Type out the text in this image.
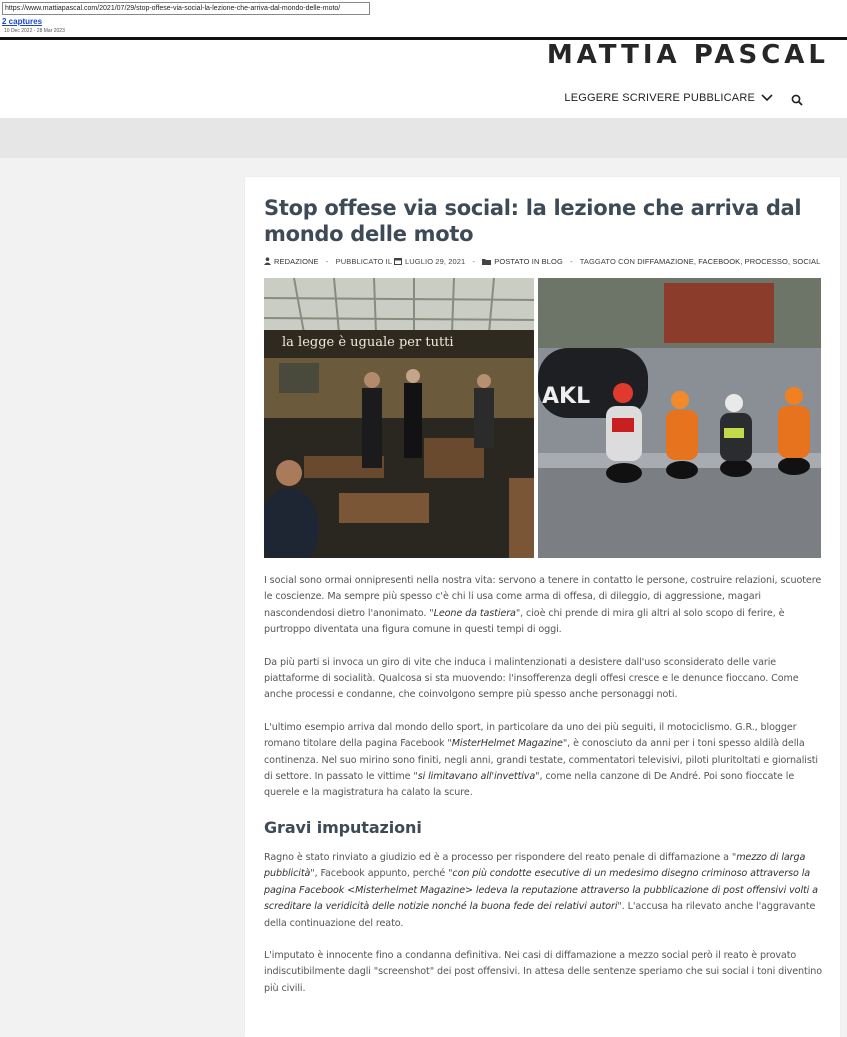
https://www.mattiapascal.com/2021/07/29/stop-offese-via-social-la-lezione-che-arriva-dal-mondo-delle-moto/
2 captures
10 Dec 2022 - 28 Mar 2023
MATTIA PASCAL
LEGGERE SCRIVERE PUBBLICARE
Stop offese via social: la lezione che arriva dal mondo delle moto
REDAZIONE - PUBBLICATO IL LUGLIO 29, 2021 -	POSTATO IN BLOG - TAGGATO CON DIFFAMAZIONE, FACEBOOK, PROCESSO, SOCIAL
la legge è uguale per tutti
AKL

I social sono ormai onnipresenti nella nostra vita: servono a tenere in contatto le persone, costruire relazioni, scuotere le coscienze. Ma sempre più spesso c'è chi li usa come arma di offesa, di dileggio, di aggressione, magari nascondendosi dietro l'anonimato. "Leone da tastiera", cioè chi prende di mira gli altri al solo scopo di ferire, è purtroppo diventata una figura comune in questi tempi di oggi.

Da più parti si invoca un giro di vite che induca i malintenzionati a desistere dall'uso sconsiderato delle varie piattaforme di socialità. Qualcosa si sta muovendo: l'insofferenza degli offesi cresce e le denunce fioccano. Come anche processi e condanne, che coinvolgono sempre più spesso anche personaggi noti.

L'ultimo esempio arriva dal mondo dello sport, in particolare da uno dei più seguiti, il motociclismo. G.R., blogger romano titolare della pagina Facebook "MisterHelmet Magazine", è conosciuto da anni per i toni spesso aldilà della continenza. Nel suo mirino sono finiti, negli anni, grandi testate, commentatori televisivi, piloti pluritoltati e giornalisti di settore. In passato le vittime "si limitavano all'invettiva", come nella canzone di De André. Poi sono fioccate le querele e la magistratura ha calato la scure.

Gravi imputazioni

Ragno è stato rinviato a giudizio ed è a processo per rispondere del reato penale di diffamazione a "mezzo di larga pubblicità", Facebook appunto, perché "con più condotte esecutive di un medesimo disegno criminoso attraverso la pagina Facebook <Misterhelmet Magazine> ledeva la reputazione attraverso la pubblicazione di post offensivi volti a screditare la veridicità delle notizie nonché la buona fede dei relativi autori". L'accusa ha rilevato anche l'aggravante della continuazione del reato.

L'imputato è innocente fino a condanna definitiva. Nei casi di diffamazione a mezzo social però il reato è provato indiscutibilmente dagli "screenshot" dei post offensivi. In attesa delle sentenze speriamo che sui social i toni diventino più civili.
